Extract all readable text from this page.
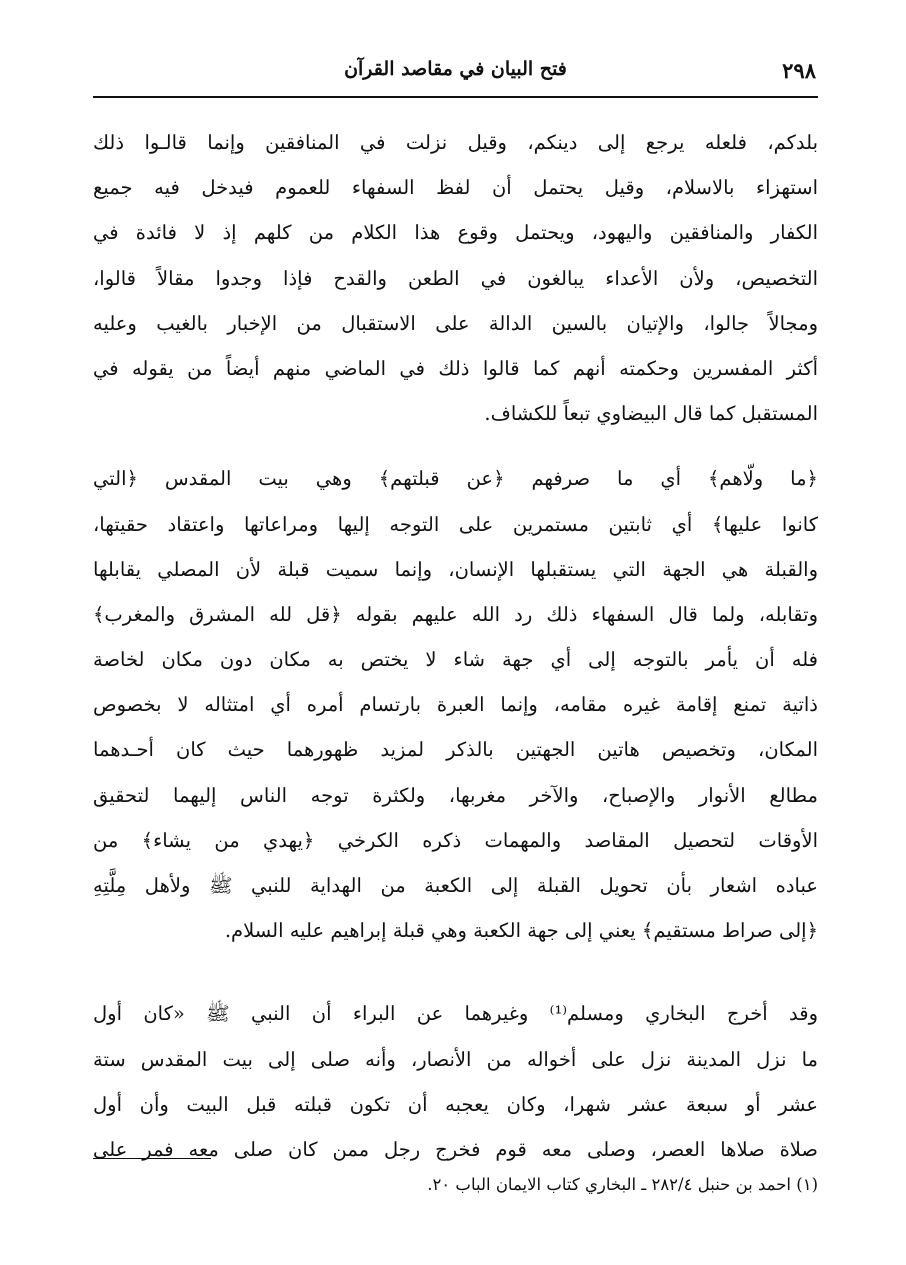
٢٩٨
فتح البيان في مقاصد القرآن
بلدكم، فلعله يرجع إلى دينكم، وقيل نزلت في المنافقين وإنما قالـوا ذلك
استهزاء بالاسلام، وقيل يحتمل أن لفظ السفهاء للعموم فيدخل فيه جميع
الكفار والمنافقين واليهود، ويحتمل وقوع هذا الكلام من كلهم إذ لا فائدة في
التخصيص، ولأن الأعداء يبالغون في الطعن والقدح فإذا وجدوا مقالاً قالوا،
ومجالاً جالوا، والإتيان بالسين الدالة على الاستقبال من الإخبار بالغيب وعليه
أكثر المفسرين وحكمته أنهم كما قالوا ذلك في الماضي منهم أيضاً من يقوله في
المستقبل كما قال البيضاوي تبعاً للكشاف.
﴿ما ولّاهم﴾ أي ما صرفهم ﴿عن قبلتهم﴾ وهي بيت المقدس ﴿التي
كانوا عليها﴾ أي ثابتين مستمرين على التوجه إليها ومراعاتها واعتقاد حقيتها،
والقبلة هي الجهة التي يستقبلها الإنسان، وإنما سميت قبلة لأن المصلي يقابلها
وتقابله، ولما قال السفهاء ذلك رد الله عليهم بقوله ﴿قل لله المشرق والمغرب﴾
فله أن يأمر بالتوجه إلى أي جهة شاء لا يختص به مكان دون مكان لخاصة
ذاتية تمنع إقامة غيره مقامه، وإنما العبرة بارتسام أمره أي امتثاله لا بخصوص
المكان، وتخصيص هاتين الجهتين بالذكر لمزيد ظهورهما حيث كان أحـدهما
مطالع الأنوار والإصباح، والآخر مغربها، ولكثرة توجه الناس إليهما لتحقيق
الأوقات لتحصيل المقاصد والمهمات ذكره الكرخي ﴿يهدي من يشاء﴾ من
عباده اشعار بأن تحويل القبلة إلى الكعبة من الهداية للنبي ﷺ ولأهل مِلَّتِهِ
﴿إلى صراط مستقيم﴾ يعني إلى جهة الكعبة وهي قبلة إبراهيم عليه السلام.
وقد أخرج البخاري ومسلم⁽¹⁾ وغيرهما عن البراء أن النبي ﷺ «كان أول
ما نزل المدينة نزل على أخواله من الأنصار، وأنه صلى إلى بيت المقدس ستة
عشر أو سبعة عشر شهرا، وكان يعجبه أن تكون قبلته قبل البيت وأن أول
صلاة صلاها العصر، وصلى معه قوم فخرج رجل ممن كان صلى معه فمر على
(١) احمد بن حنبل ٢٨٢/٤ ـ البخاري كتاب الايمان الباب ٢٠.
